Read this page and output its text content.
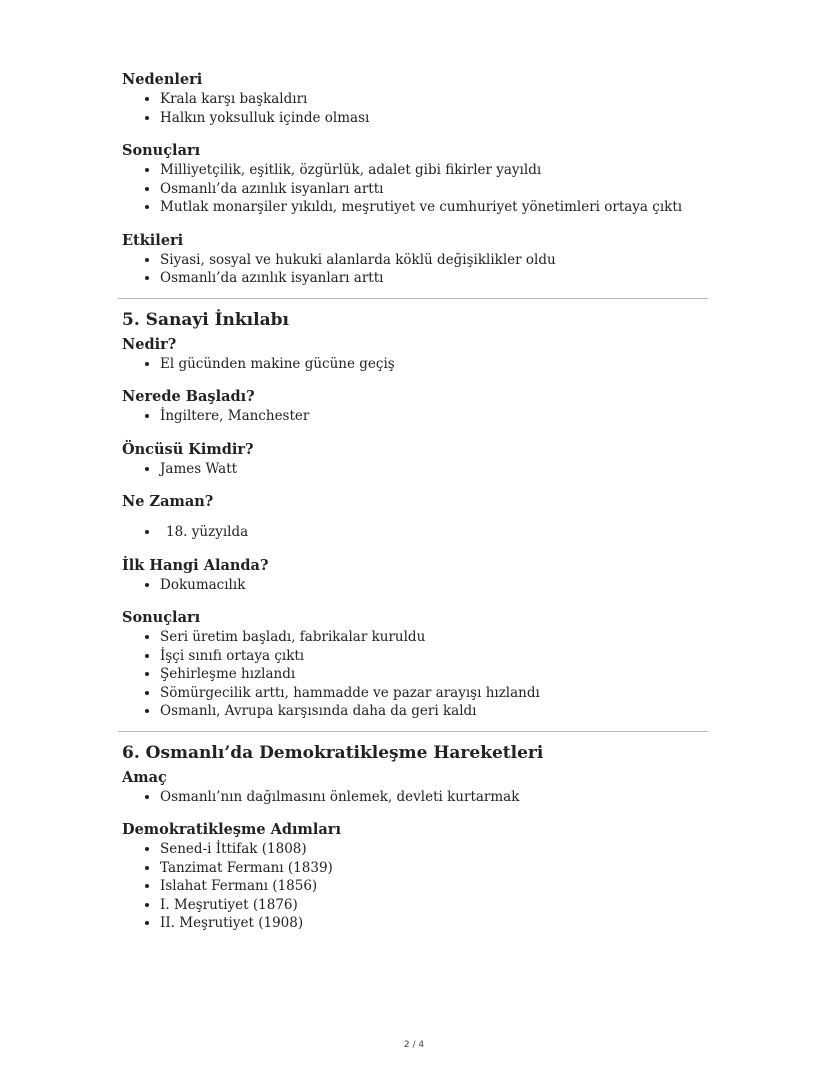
Nedenleri
• Krala karşı başkaldırı
• Halkın yoksulluk içinde olması
Sonuçları
• Milliyetçilik, eşitlik, özgürlük, adalet gibi fikirler yayıldı
• Osmanlı’da azınlık isyanları arttı
• Mutlak monarşiler yıkıldı, meşrutiyet ve cumhuriyet yönetimleri ortaya çıktı
Etkileri
• Siyasi, sosyal ve hukuki alanlarda köklü değişiklikler oldu
• Osmanlı’da azınlık isyanları arttı
5. Sanayi İnkılabı
Nedir?
• El gücünden makine gücüne geçiş
Nerede Başladı?
• İngiltere, Manchester
Öncüsü Kimdir?
• James Watt
Ne Zaman?
• 18. yüzyılda
İlk Hangi Alanda?
• Dokumacılık
Sonuçları
• Seri üretim başladı, fabrikalar kuruldu
• İşçi sınıfı ortaya çıktı
• Şehirleşme hızlandı
• Sömürgecilik arttı, hammadde ve pazar arayışı hızlandı
• Osmanlı, Avrupa karşısında daha da geri kaldı
6. Osmanlı’da Demokratikleşme Hareketleri
Amaç
• Osmanlı’nın dağılmasını önlemek, devleti kurtarmak
Demokratikleşme Adımları
• Sened-i İttifak (1808)
• Tanzimat Fermanı (1839)
• Islahat Fermanı (1856)
• I. Meşrutiyet (1876)
• II. Meşrutiyet (1908)
2 / 4
